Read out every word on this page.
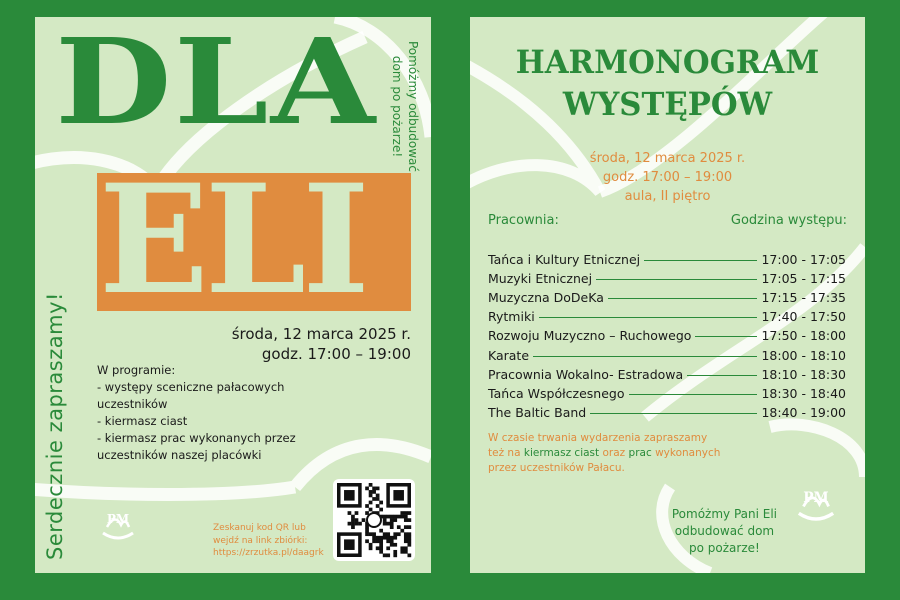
DLA
ELI
Serdecznie zapraszamy!
Pomóżmy odbudować
dom po pożarze!
środa, 12 marca 2025 r.
godz. 17:00 – 19:00
W programie:
- występy sceniczne pałacowych
uczestników
- kiermasz ciast
- kiermasz prac wykonanych przez
uczestników naszej placówki
PM
Zeskanuj kod QR lub
wejdź na link zbiórki:
https://zrzutka.pl/daagrk
HARMONOGRAM
WYSTĘPÓW
środa, 12 marca 2025 r.
godz. 17:00 – 19:00
aula, II piętro
Pracownia:	Godzina występu:
Tańca i Kultury Etnicznej	17:00 - 17:05
Muzyki Etnicznej	17:05 - 17:15
Muzyczna DoDeKa	17:15 - 17:35
Rytmiki	17:40 - 17:50
Rozwoju Muzyczno – Ruchowego	17:50 - 18:00
Karate	18:00 - 18:10
Pracownia Wokalno- Estradowa	18:10 - 18:30
Tańca Współczesnego	18:30 - 18:40
The Baltic Band	18:40 - 19:00
W czasie trwania wydarzenia zapraszamy
też na kiermasz ciast oraz prac wykonanych
przez uczestników Pałacu.
Pomóżmy Pani Eli
odbudować dom
po pożarze!
PM
